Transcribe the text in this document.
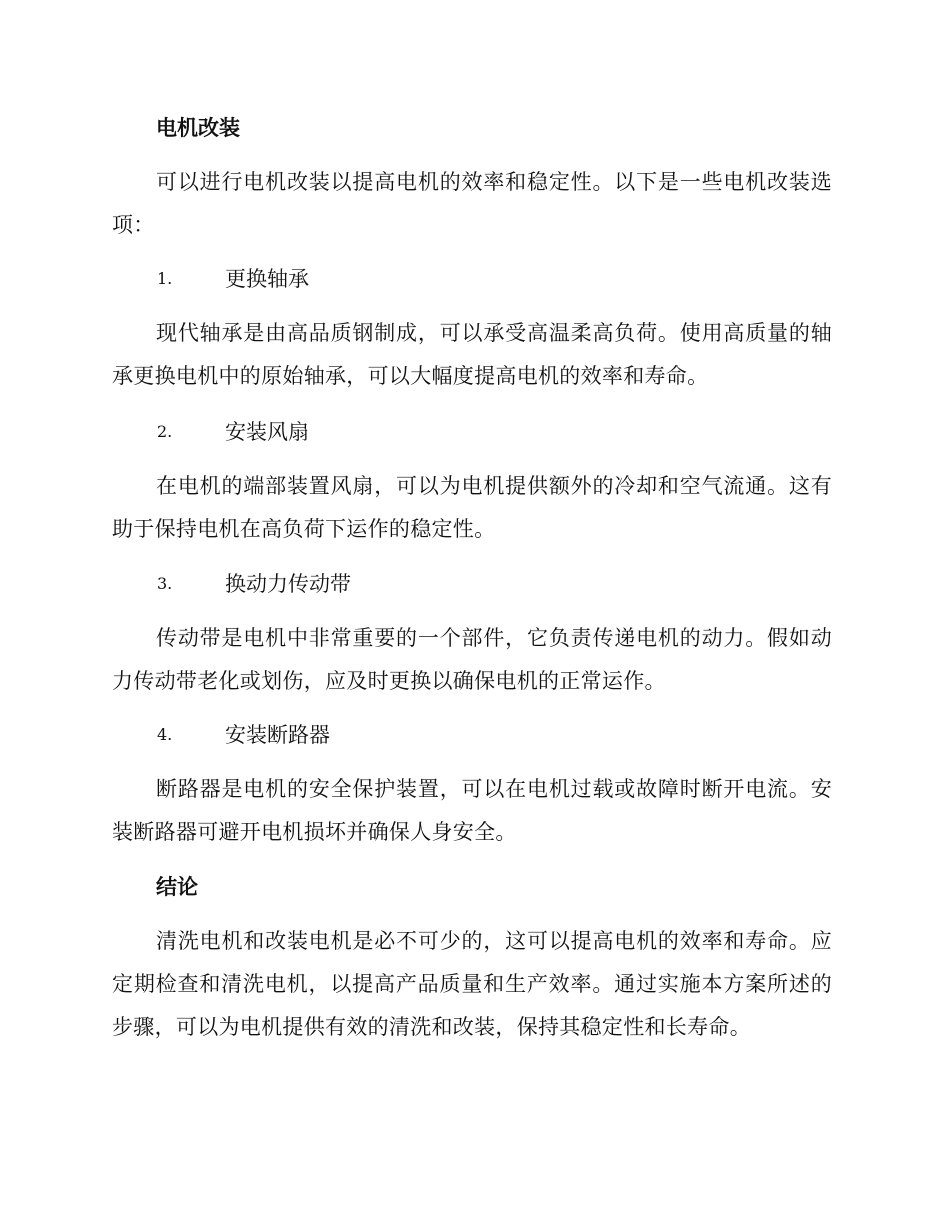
电机改装

可以进行电机改装以提高电机的效率和稳定性。以下是一些电机改装选项：

1.	更换轴承

现代轴承是由高品质钢制成，可以承受高温柔高负荷。使用高质量的轴承更换电机中的原始轴承，可以大幅度提高电机的效率和寿命。

2.	安装风扇

在电机的端部装置风扇，可以为电机提供额外的冷却和空气流通。这有助于保持电机在高负荷下运作的稳定性。

3.	换动力传动带

传动带是电机中非常重要的一个部件，它负责传递电机的动力。假如动力传动带老化或划伤，应及时更换以确保电机的正常运作。

4.	安装断路器

断路器是电机的安全保护装置，可以在电机过载或故障时断开电流。安装断路器可避开电机损坏并确保人身安全。

结论

清洗电机和改装电机是必不可少的，这可以提高电机的效率和寿命。应定期检查和清洗电机，以提高产品质量和生产效率。通过实施本方案所述的步骤，可以为电机提供有效的清洗和改装，保持其稳定性和长寿命。
